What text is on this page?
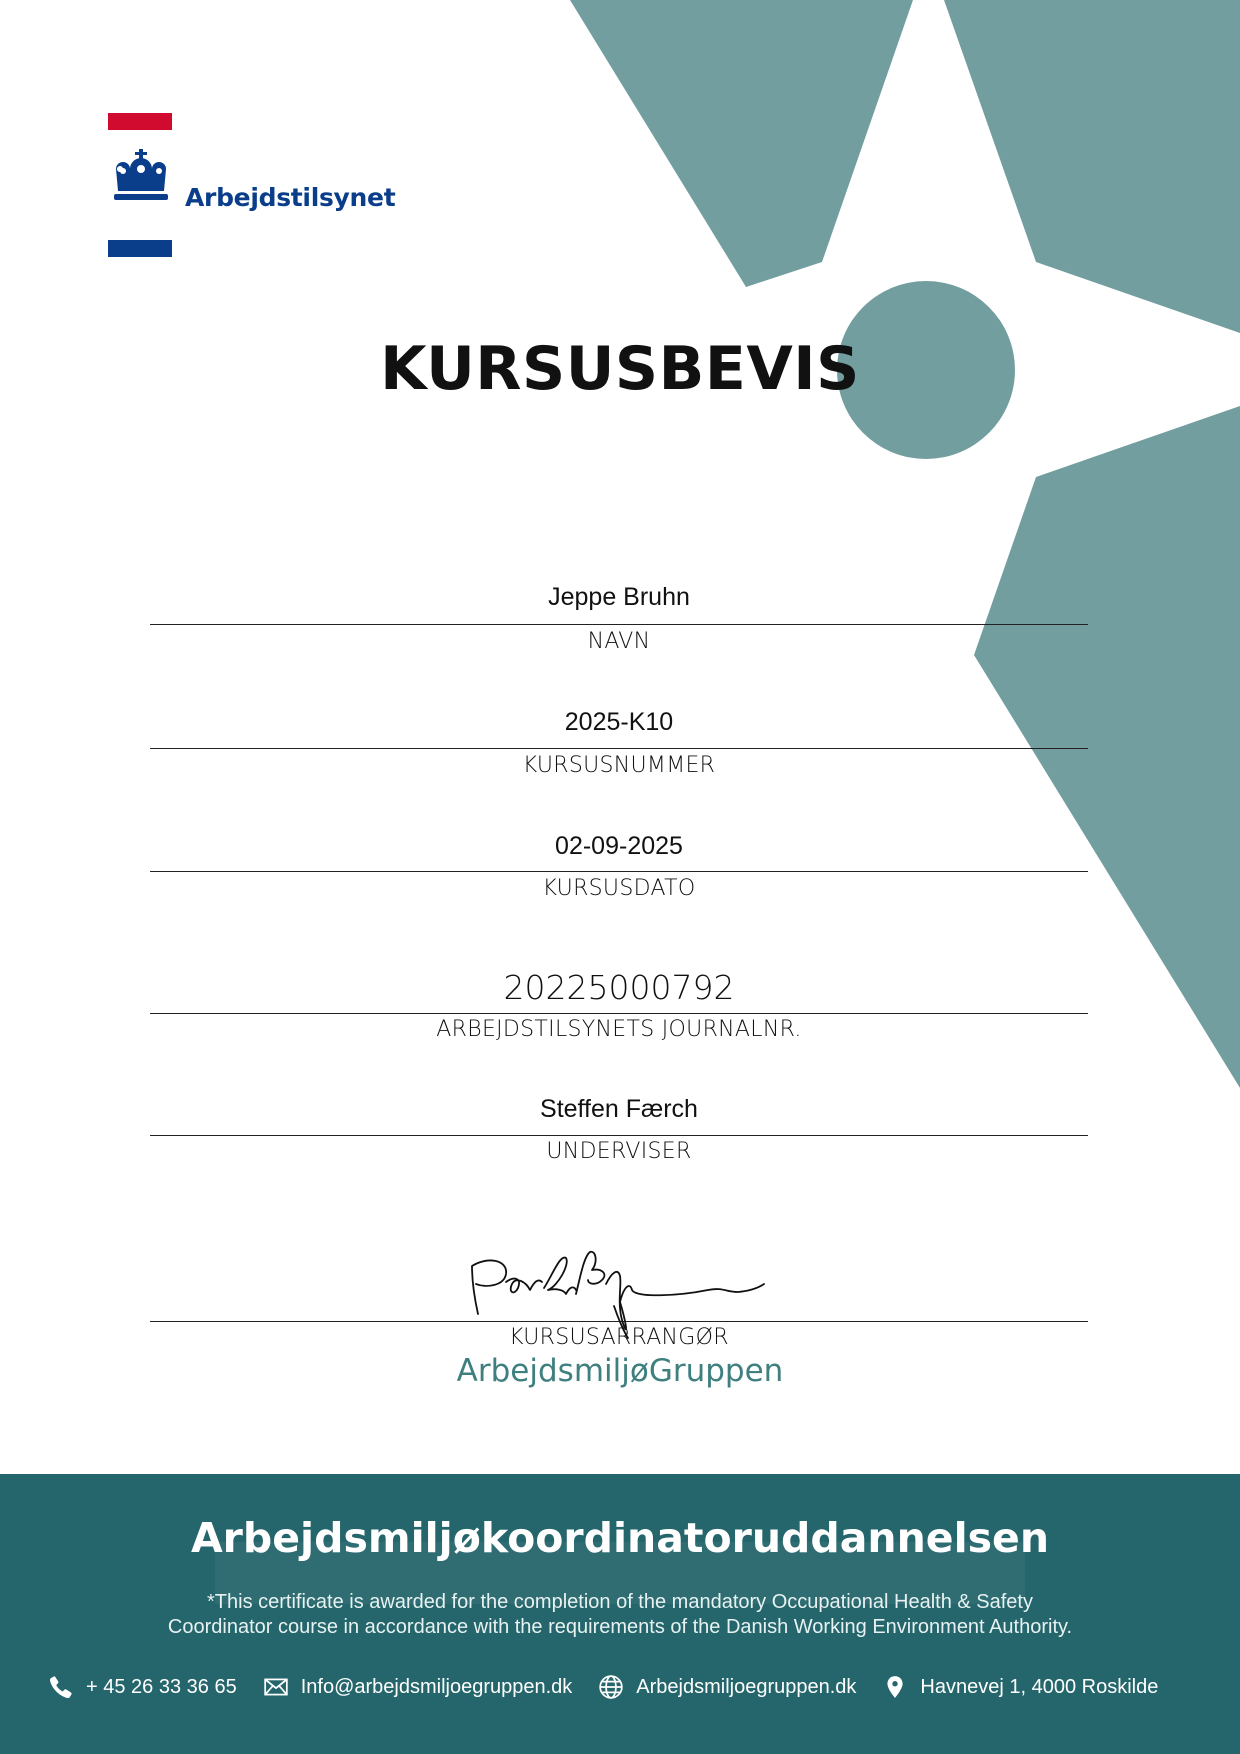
Arbejdstilsynet
KURSUSBEVIS
Jeppe Bruhn
NAVN
2025-K10
KURSUSNUMMER
02-09-2025
KURSUSDATO
20225000792
ARBEJDSTILSYNETS JOURNALNR.
Steffen Færch
UNDERVISER
KURSUSARRANGØR
ArbejdsmiljøGruppen
Arbejdsmiljøkoordinatoruddannelsen
*This certificate is awarded for the completion of the mandatory Occupational Health & Safety
Coordinator course in accordance with the requirements of the Danish Working Environment Authority.
+ 45 26 33 36 65	Info@arbejdsmiljoegruppen.dk	Arbejdsmiljoegruppen.dk	Havnevej 1, 4000 Roskilde
